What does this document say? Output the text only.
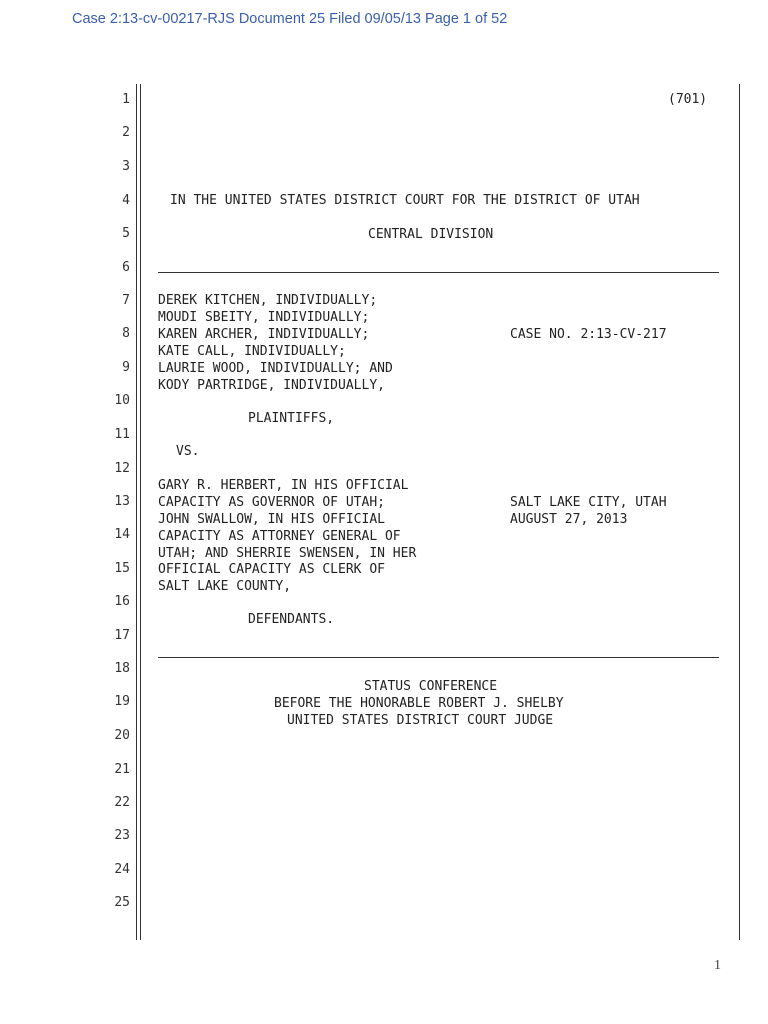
Case 2:13-cv-00217-RJS Document 25 Filed 09/05/13 Page 1 of 52
1
2
3
4
5
6
7
8
9
10
11
12
13
14
15
16
17
18
19
20
21
22
23
24
25
(701)
IN THE UNITED STATES DISTRICT COURT FOR THE DISTRICT OF UTAH
CENTRAL DIVISION
DEREK KITCHEN, INDIVIDUALLY;
MOUDI SBEITY, INDIVIDUALLY;
KAREN ARCHER, INDIVIDUALLY;
KATE CALL, INDIVIDUALLY;
LAURIE WOOD, INDIVIDUALLY; AND
KODY PARTRIDGE, INDIVIDUALLY,
CASE NO. 2:13-CV-217
PLAINTIFFS,
VS.
GARY R. HERBERT, IN HIS OFFICIAL
CAPACITY AS GOVERNOR OF UTAH;
JOHN SWALLOW, IN HIS OFFICIAL
CAPACITY AS ATTORNEY GENERAL OF
UTAH; AND SHERRIE SWENSEN, IN HER
OFFICIAL CAPACITY AS CLERK OF
SALT LAKE COUNTY,
SALT LAKE CITY, UTAH
AUGUST 27, 2013
DEFENDANTS.
STATUS CONFERENCE
BEFORE THE HONORABLE ROBERT J. SHELBY
UNITED STATES DISTRICT COURT JUDGE
1
